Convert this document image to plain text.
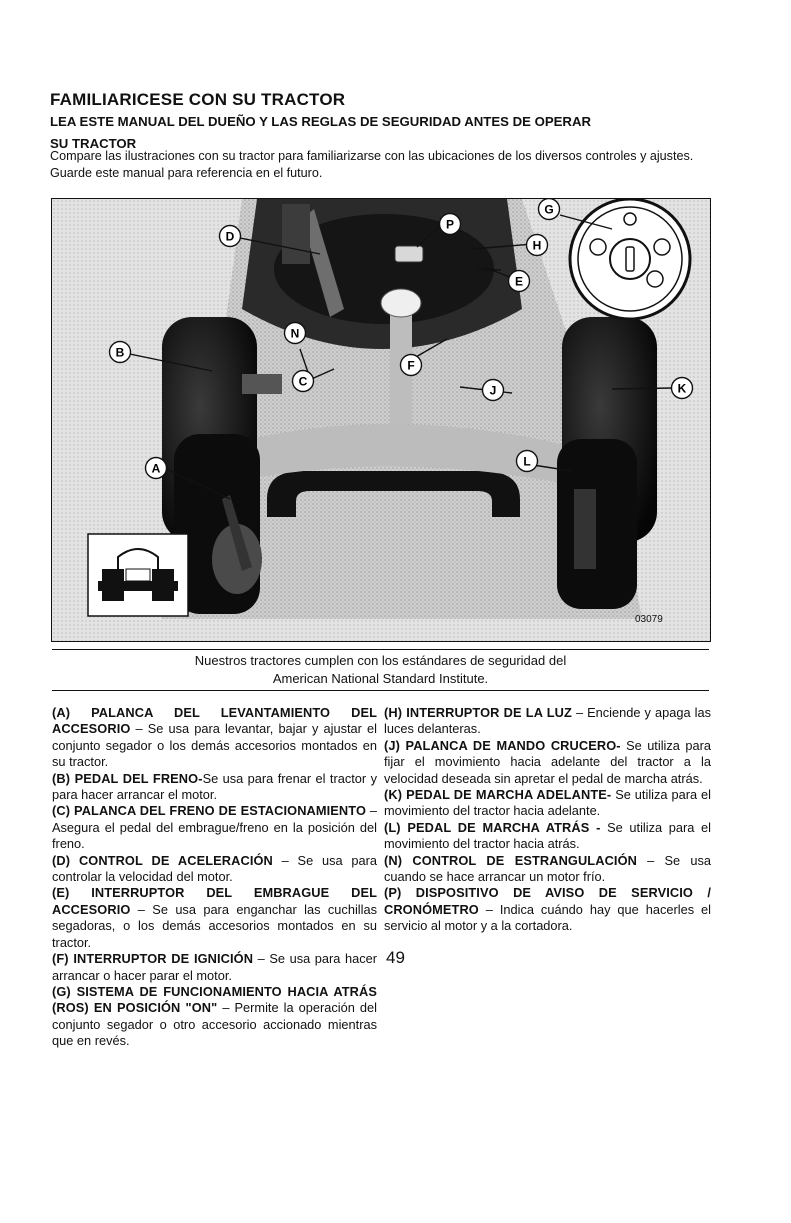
FAMILIARICESE CON SU TRACTOR
LEA ESTE MANUAL DEL DUEÑO Y LAS REGLAS DE SEGURIDAD ANTES DE OPERAR
SU TRACTOR
Compare las ilustraciones con su tractor para familiarizarse con las ubicaciones de los diversos controles y ajustes. Guarde este manual para referencia en el futuro.
D
B
A
C
N
P
G
H
E
F
J	K
L
03079
Nuestros tractores cumplen con los estándares de seguridad del
American National Standard Institute.

(A) PALANCA DEL LEVANTAMIENTO DEL ACCESORIO – Se usa para levantar, bajar y ajustar el conjunto segador o los demás accesorios montados en su tractor.

(B) PEDAL DEL FRENO-Se usa para frenar el tractor y para hacer arrancar el motor.

(C) PALANCA DEL FRENO DE ESTACIONAMIENTO – Asegura el pedal del embrague/freno en la posición del freno.

(D) CONTROL DE ACELERACIÓN – Se usa para controlar la velocidad del motor.

(E) INTERRUPTOR DEL EMBRAGUE DEL ACCESORIO – Se usa para enganchar las cuchillas segadoras, o los demás accesorios montados en su tractor.

(F) INTERRUPTOR DE IGNICIÓN – Se usa para hacer arrancar o hacer parar el motor.

(G) SISTEMA DE FUNCIONAMIENTO HACIA ATRÁS (ROS) EN POSICIÓN "ON" – Permite la operación del conjunto segador o otro accesorio accionado mientras que en revés.

(H) INTERRUPTOR DE LA LUZ – Enciende y apaga las luces delanteras.

(J) PALANCA DE MANDO CRUCERO- Se utiliza para fijar el movimiento hacia adelante del tractor a la velocidad deseada sin apretar el pedal de marcha atrás.

(K) PEDAL DE MARCHA ADELANTE- Se utiliza para el movimiento del tractor hacia adelante.

(L) PEDAL DE MARCHA ATRÁS - Se utiliza para el movimiento del tractor hacia atrás.

(N) CONTROL DE ESTRANGULACIÓN – Se usa cuando se hace arrancar un motor frío.

(P) DISPOSITIVO DE AVISO DE SERVICIO / CRONÓMETRO – Indica cuándo hay que hacerles el servicio al motor y a la cortadora.

49
